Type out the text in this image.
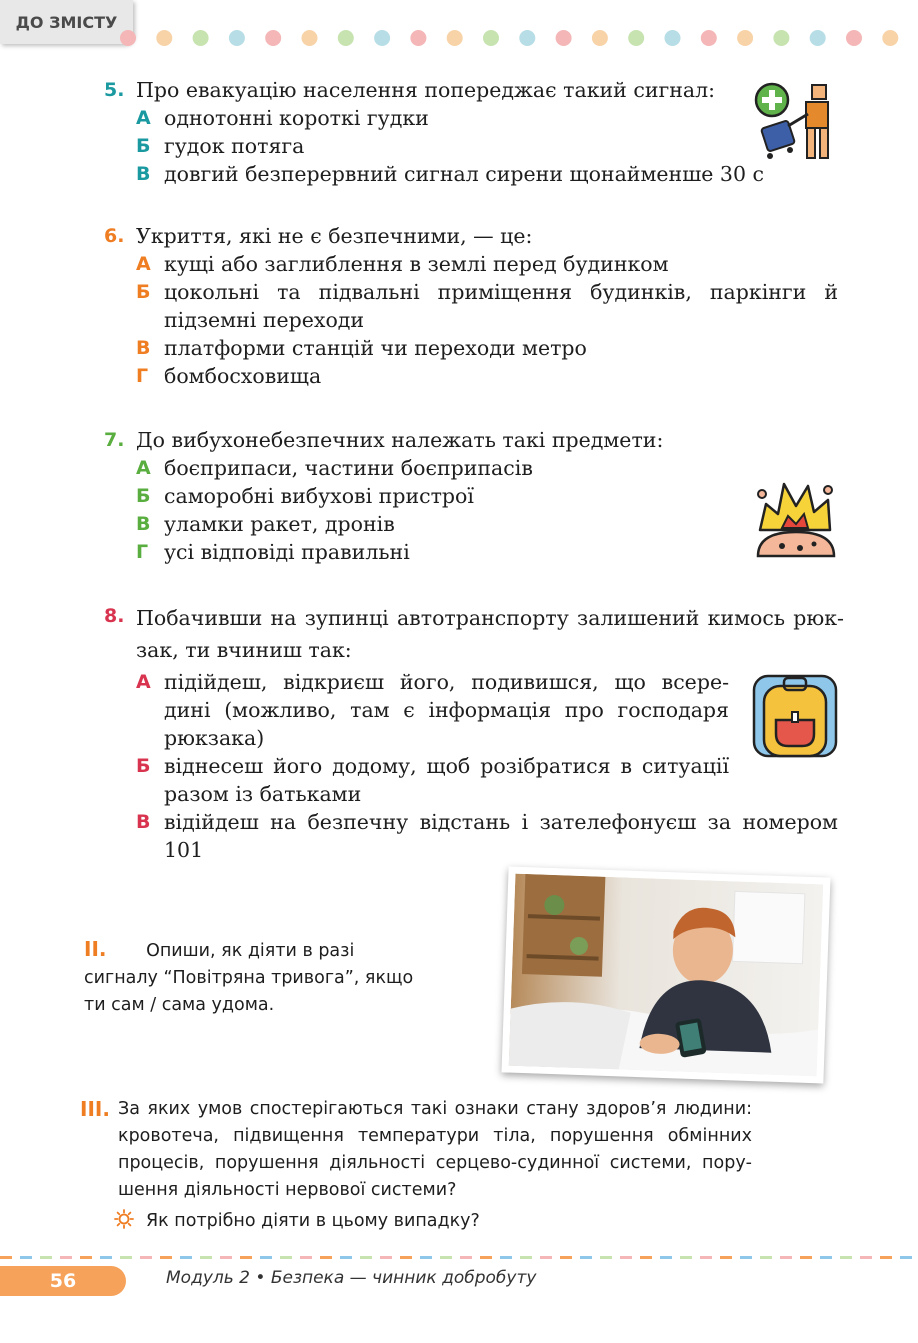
ДО ЗМІСТУ
5. Про евакуацію населення попереджає такий сигнал:
А однотонні короткі гудки
Б гудок потяга
В довгий безперервний сигнал сирени щонайменше 30 с
6. Укриття, які не є безпечними, — це:
А кущі або заглиблення в землі перед будинком
Б цокольні та підвальні приміщення будинків, паркінги й підземні переходи
В платформи станцій чи переходи метро
Г бомбосховища
7. До вибухонебезпечних належать такі предмети:
А боєприпаси, частини боєприпасів
Б саморобні вибухові пристрої
В уламки ракет, дронів
Г усі відповіді правильні
8. Побачивши на зупинці автотранспорту залишений кимось рюк-зак, ти вчиниш так:
А підійдеш, відкриєш його, подивишся, що всере-дині (можливо, там є інформація про господаря рюкзака)
Б віднесеш його додому, щоб розібратися в ситуації разом із батьками
В відійдеш на безпечну відстань і зателефонуєш за номером 101
II. Опиши, як діяти в разі сигналу “Повітряна тривога”, якщо ти сам / сама удома.
III. За яких умов спостерігаються такі ознаки стану здоров’я людини: кровотеча, підвищення температури тіла, порушення обмінних процесів, порушення діяльності серцево-судинної системи, пору-шення діяльності нервової системи?
Як потрібно діяти в цьому випадку?
56	Модуль 2 • Безпека — чинник добробуту
